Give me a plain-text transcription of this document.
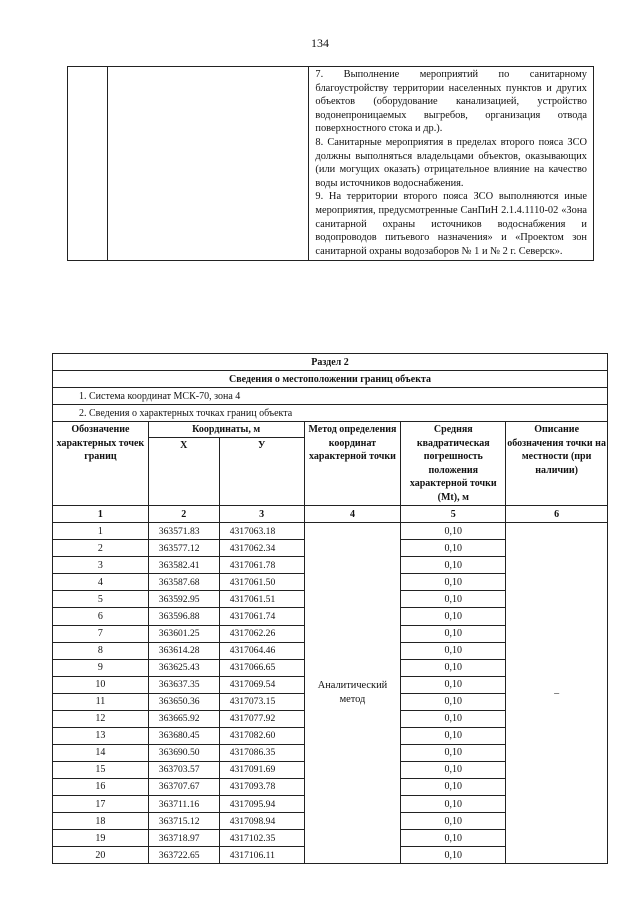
134

7. Выполнение мероприятий по санитарному благоустройству территории населенных пунктов и других объектов (оборудование канализацией, устройство водонепроницаемых выгребов, организация отвода поверхностного стока и др.).

8. Санитарные мероприятия в пределах второго пояса ЗСО должны выполняться владельцами объектов, оказывающих (или могущих оказать) отрицательное влияние на качество воды источников водоснабжения.

9. На территории второго пояса ЗСО выполняются иные мероприятия, предусмотренные СанПиН 2.1.4.1110-02 «Зона санитарной охраны источников водоснабжения и водопроводов питьевого назначения» и «Проектом зон санитарной охраны водозаборов № 1 и № 2 г. Северск».

Раздел 2					
Сведения о местоположении границ объекта					
1. Система координат МСК-70, зона 4					
2. Сведения о характерных точках границ объекта					
Обозначение характерных точек границ	Координаты, м		Метод определения координат характерной точки	Средняя квадратическая погрешность положения характерной точки (Mt), м	Описание обозначения точки на местности (при наличии)
	X	У			
1	2	3	4	5	6
1	363571.83	4317063.18	Аналитический метод	0,10	–
2	363577.12	4317062.34		0,10	
3	363582.41	4317061.78		0,10	
4	363587.68	4317061.50		0,10	
5	363592.95	4317061.51		0,10	
6	363596.88	4317061.74		0,10	
7	363601.25	4317062.26		0,10	
8	363614.28	4317064.46		0,10	
9	363625.43	4317066.65		0,10	
10	363637.35	4317069.54		0,10	
11	363650.36	4317073.15		0,10	
12	363665.92	4317077.92		0,10	
13	363680.45	4317082.60		0,10	
14	363690.50	4317086.35		0,10	
15	363703.57	4317091.69		0,10	
16	363707.67	4317093.78		0,10	
17	363711.16	4317095.94		0,10	
18	363715.12	4317098.94		0,10	
19	363718.97	4317102.35		0,10	
20	363722.65	4317106.11		0,10	
